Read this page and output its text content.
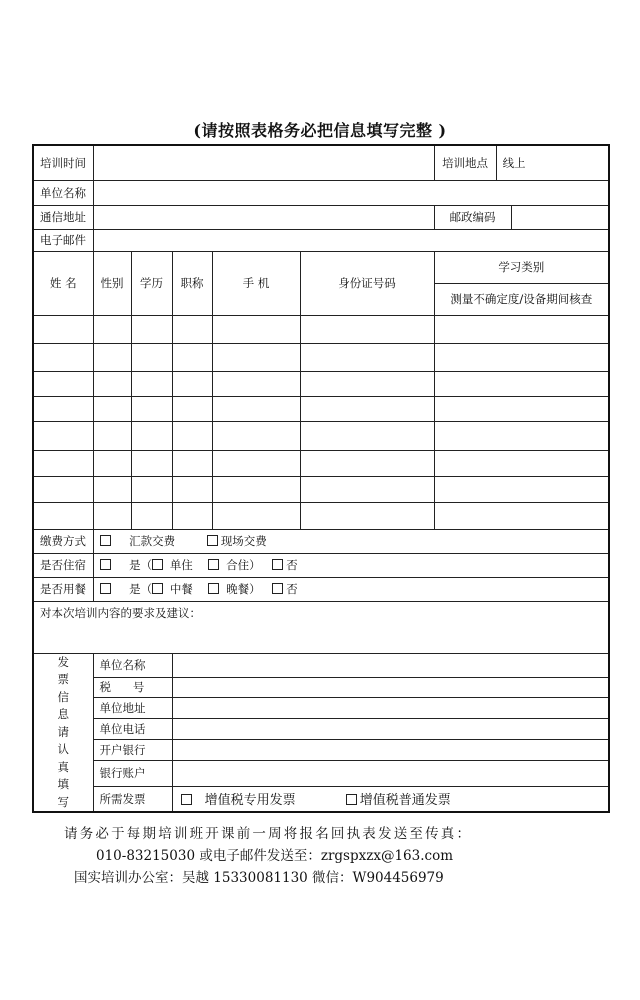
(请按照表格务必把信息填写完整 )
培训时间						培训地点	线上	
单位名称								
通信地址						邮政编码		
电子邮件								
姓 名	性别	学历	职称	手 机	身份证号码	学习类别		
						测量不确定度/设备期间核查		

缴费方式	汇款交费 现场交费							
是否住宿	是（ 单住 合住） 否							
是否用餐	是（ 中餐 晚餐） 否							
对本次培训内容的要求及建议：								

发票信息请认真填写	单位名称							
	税      号							
	单位地址							
	单位电话							
	开户银行							
	银行账户							
	所需发票		增值税专用发票 增值税普通发票					
请务必于每期培训班开课前一周将报名回执表发送至传真：
010-83215030 或电子邮件发送至：zrgspxzx@163.com
国实培训办公室：吴越 15330081130 微信：W904456979
